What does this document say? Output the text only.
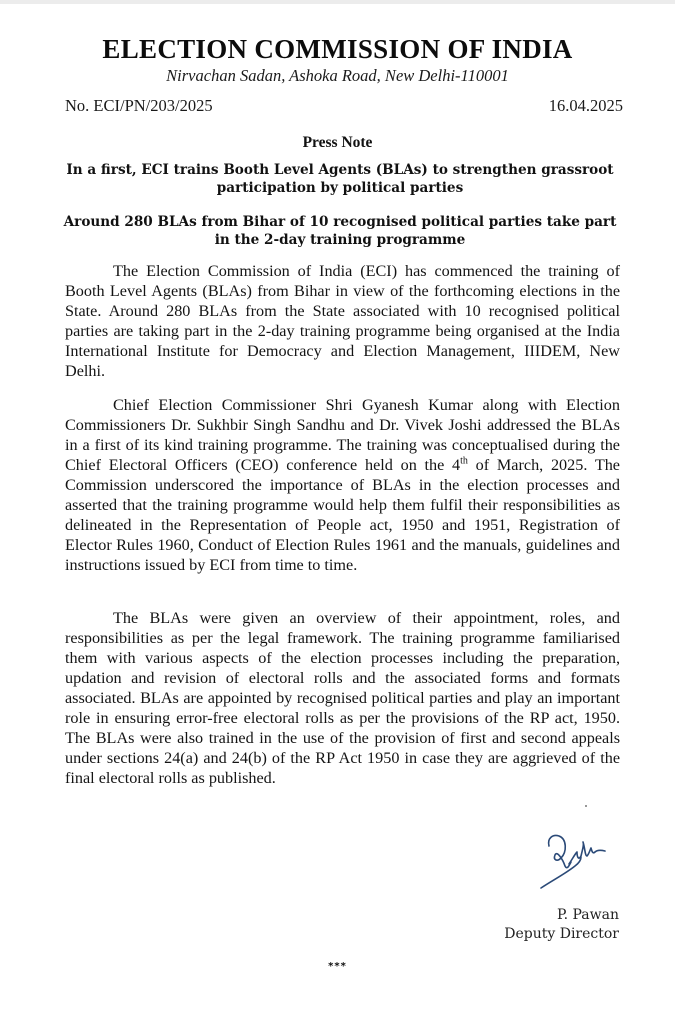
ELECTION COMMISSION OF INDIA
Nirvachan Sadan, Ashoka Road, New Delhi-110001
No. ECI/PN/203/2025	16.04.2025
Press Note
In a first, ECI trains Booth Level Agents (BLAs) to strengthen grassroot participation by political parties
Around 280 BLAs from Bihar of 10 recognised political parties take part in the 2-day training programme

The Election Commission of India (ECI) has commenced the training of Booth Level Agents (BLAs) from Bihar in view of the forthcoming elections in the State. Around 280 BLAs from the State associated with 10 recognised political parties are taking part in the 2-day training programme being organised at the India International Institute for Democracy and Election Management, IIIDEM, New Delhi.

Chief Election Commissioner Shri Gyanesh Kumar along with Election Commissioners Dr. Sukhbir Singh Sandhu and Dr. Vivek Joshi addressed the BLAs in a first of its kind training programme. The training was conceptualised during the Chief Electoral Officers (CEO) conference held on the 4th of March, 2025. The Commission underscored the importance of BLAs in the election processes and asserted that the training programme would help them fulfil their responsibilities as delineated in the Representation of People act, 1950 and 1951, Registration of Elector Rules 1960, Conduct of Election Rules 1961 and the manuals, guidelines and instructions issued by ECI from time to time.

The BLAs were given an overview of their appointment, roles, and responsibilities as per the legal framework. The training programme familiarised them with various aspects of the election processes including the preparation, updation and revision of electoral rolls and the associated forms and formats associated. BLAs are appointed by recognised political parties and play an important role in ensuring error-free electoral rolls as per the provisions of the RP act, 1950. The BLAs were also trained in the use of the provision of first and second appeals under sections 24(a) and 24(b) of the RP Act 1950 in case they are aggrieved of the final electoral rolls as published.

P. Pawan
Deputy Director
***
